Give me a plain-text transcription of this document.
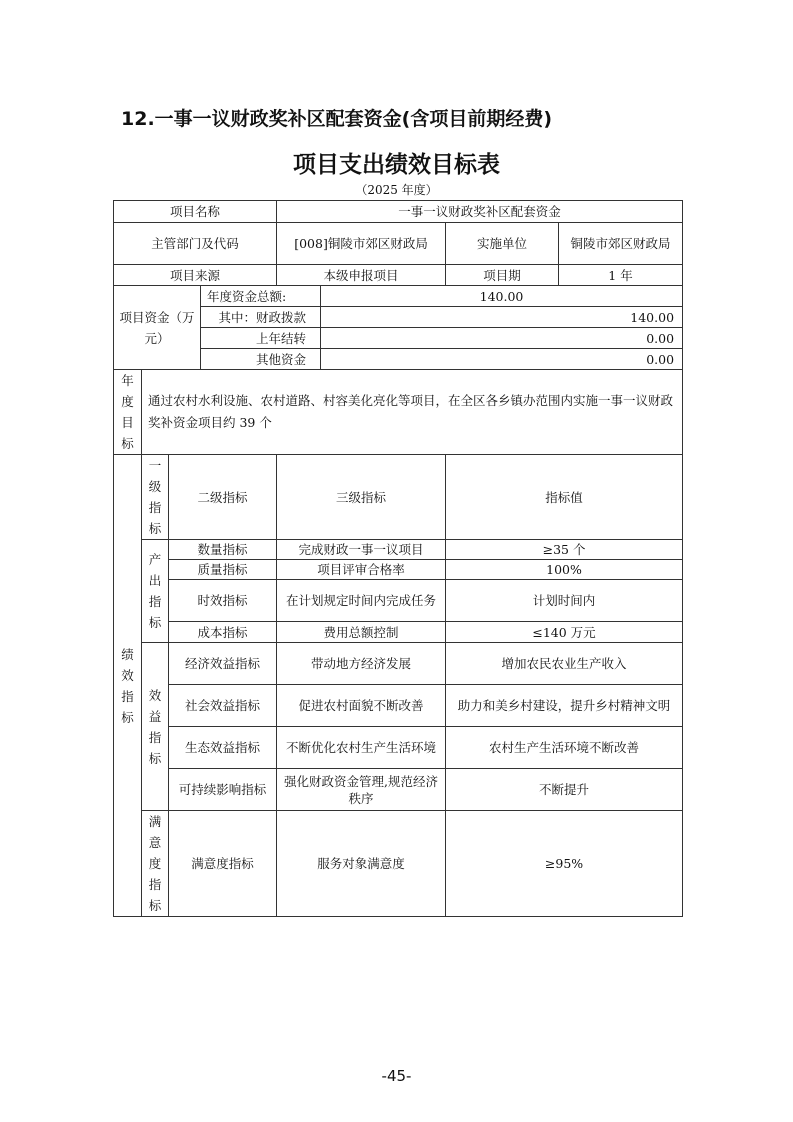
12.一事一议财政奖补区配套资金(含项目前期经费)
项目支出绩效目标表
（2025 年度）
项目名称				一事一议财政奖补区配套资金			
主管部门及代码				[008]铜陵市郊区财政局		实施单位	铜陵市郊区财政局
项目来源				本级申报项目		项目期	1 年
项目资金（万元）			年度资金总额:		140.00		
			其中：财政拨款		140.00		
			上年结转		0.00		
			其他资金		0.00		
年度目标	通过农村水利设施、农村道路、村容美化亮化等项目，在全区各乡镇办范围内实施一事一议财政奖补资金项目约 39 个						
绩效指标	一级指标	二级指标		三级指标		指标值	
	产出指标	数量指标		完成财政一事一议项目		≥35 个	
		质量指标		项目评审合格率		100%	
		时效指标		在计划规定时间内完成任务		计划时间内	
		成本指标		费用总额控制		≤140 万元	
	效益指标	经济效益指标		带动地方经济发展		增加农民农业生产收入	
		社会效益指标		促进农村面貌不断改善		助力和美乡村建设，提升乡村精神文明	
		生态效益指标		不断优化农村生产生活环境		农村生产生活环境不断改善	
		可持续影响指标		强化财政资金管理,规范经济秩序		不断提升	
	满意度指标	满意度指标		服务对象满意度		≥95%	
-45-
